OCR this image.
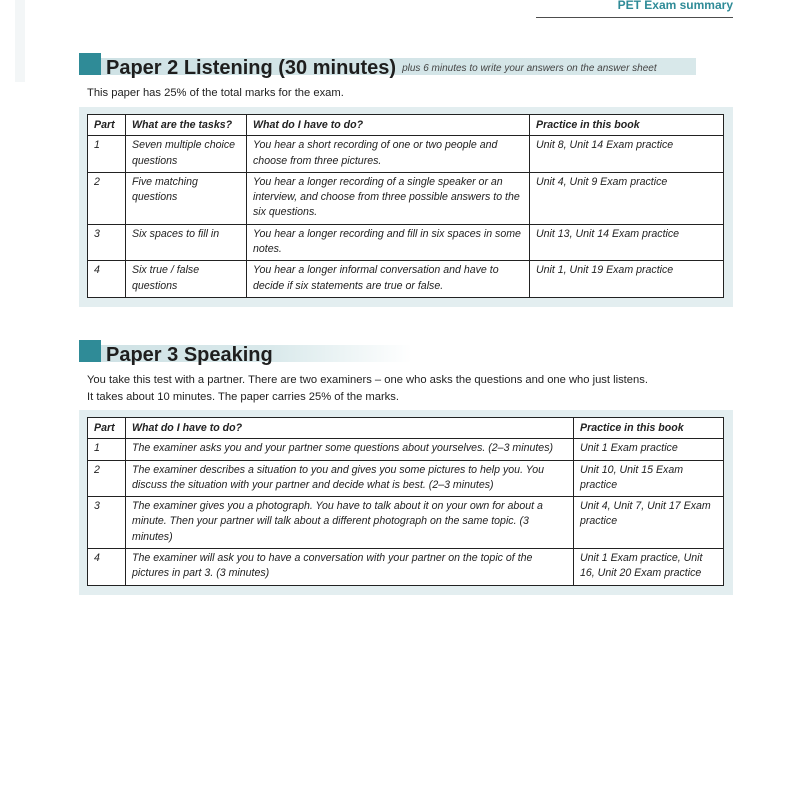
PET Exam summary
Paper 2 Listening (30 minutes) plus 6 minutes to write your answers on the answer sheet
This paper has 25% of the total marks for the exam.
Part	What are the tasks?	What do I have to do?	Practice in this book
1	Seven multiple choice questions	You hear a short recording of one or two people and choose from three pictures.	Unit 8, Unit 14 Exam practice
2	Five matching questions	You hear a longer recording of a single speaker or an interview, and choose from three possible answers to the six questions.	Unit 4, Unit 9 Exam practice
3	Six spaces to fill in	You hear a longer recording and fill in six spaces in some notes.	Unit 13, Unit 14 Exam practice
4	Six true / false questions	You hear a longer informal conversation and have to decide if six statements are true or false.	Unit 1, Unit 19 Exam practice
Paper 3 Speaking
You take this test with a partner. There are two examiners – one who asks the questions and one who just listens.
It takes about 10 minutes. The paper carries 25% of the marks.
Part	What do I have to do?	Practice in this book
1	The examiner asks you and your partner some questions about yourselves. (2–3 minutes)	Unit 1 Exam practice
2	The examiner describes a situation to you and gives you some pictures to help you. You discuss the situation with your partner and decide what is best. (2–3 minutes)	Unit 10, Unit 15 Exam practice
3	The examiner gives you a photograph. You have to talk about it on your own for about a minute. Then your partner will talk about a different photograph on the same topic. (3 minutes)	Unit 4, Unit 7, Unit 17 Exam practice
4	The examiner will ask you to have a conversation with your partner on the topic of the pictures in part 3. (3 minutes)	Unit 1 Exam practice, Unit 16, Unit 20 Exam practice
